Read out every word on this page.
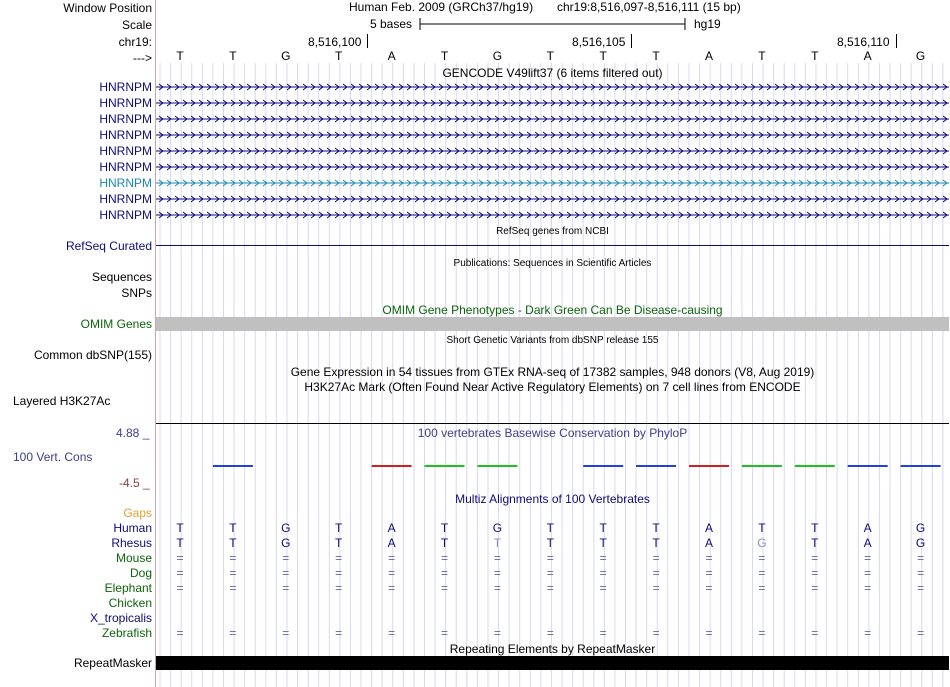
Window Position
Scale
chr19:
--->
Human Feb. 2009 (GRCh37/hg19) chr19:8,516,097-8,516,111 (15 bp)
5 bases	hg19
8,516,100	8,516,105	8,516,110
T	T	G	T	A	T	G	T	T	T	A	T	T	A	G
GENCODE V49lift37 (6 items filtered out)
HNRNPM
HNRNPM
HNRNPM
HNRNPM
HNRNPM
HNRNPM
HNRNPM
HNRNPM
HNRNPM
RefSeq genes from NCBI
RefSeq Curated
Publications: Sequences in Scientific Articles
Sequences
SNPs
OMIM Gene Phenotypes - Dark Green Can Be Disease-causing
OMIM Genes
Short Genetic Variants from dbSNP release 155
Common dbSNP(155)
Gene Expression in 54 tissues from GTEx RNA-seq of 17382 samples, 948 donors (V8, Aug 2019)
H3K27Ac Mark (Often Found Near Active Regulatory Elements) on 7 cell lines from ENCODE
Layered H3K27Ac
100 vertebrates Basewise Conservation by PhyloP
4.88 _
100 Vert. Cons
-4.5 _
Multiz Alignments of 100 Vertebrates
Gaps
Human	T	T	G	T	A	T	G	T	T	T	A	T	T	A	G
Rhesus	T	T	G	T	A	T	T	T	T	T	A	G	T	A	G
Mouse	=	=	=	=	=	=	=	=	=	=	=	=	=	=	=
Dog	=	=	=	=	=	=	=	=	=	=	=	=	=	=	=
Elephant	=	=	=	=	=	=	=	=	=	=	=	=	=	=	=
Chicken
X_tropicalis
Zebrafish	=	=	=	=	=	=	=	=	=	=	=	=	=	=	=
Repeating Elements by RepeatMasker
RepeatMasker
